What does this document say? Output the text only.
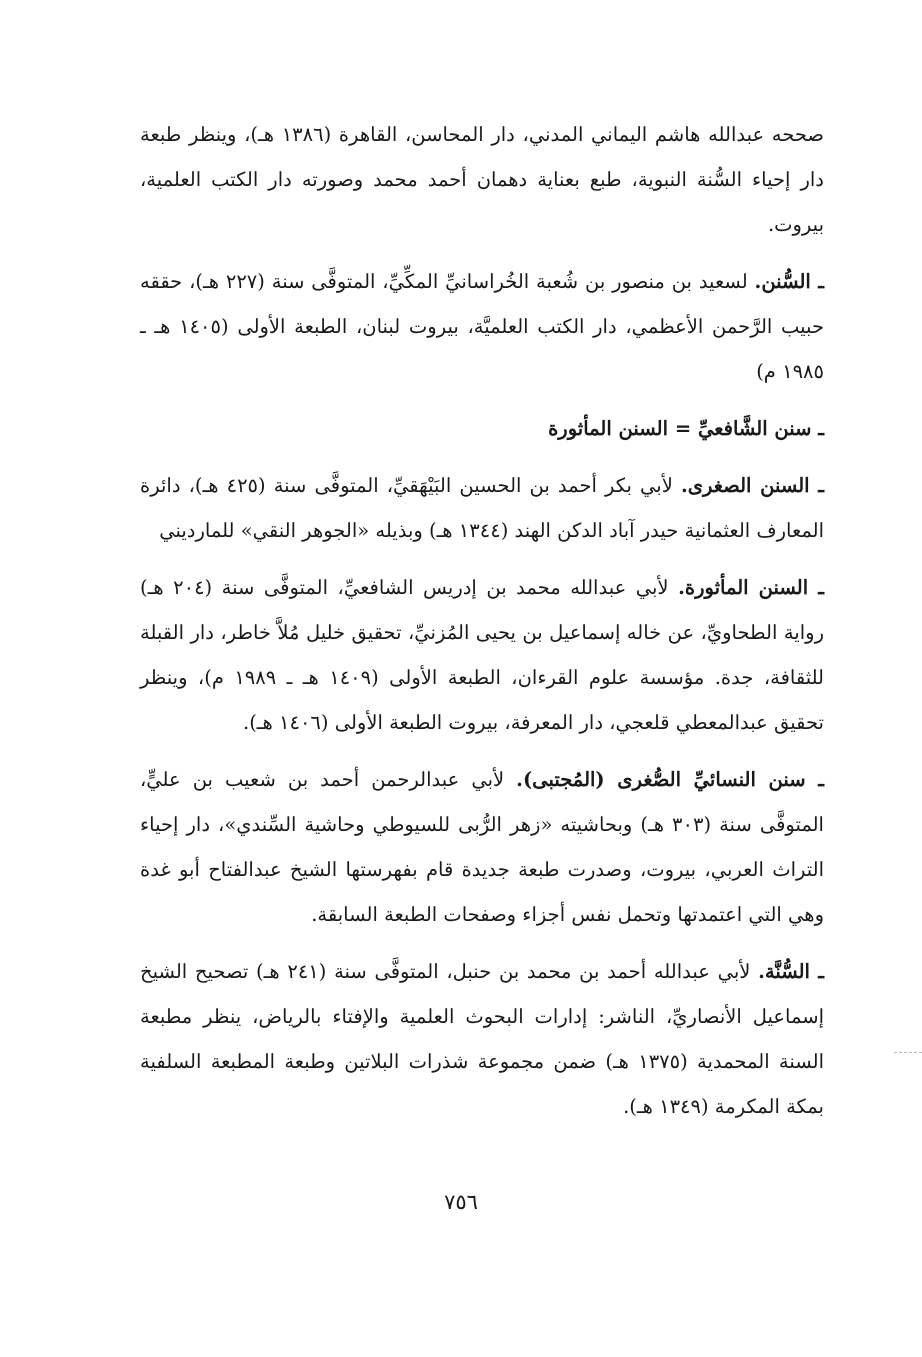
صححه عبدالله هاشم اليماني المدني، دار المحاسن، القاهرة (١٣٨٦ هـ)، وينظر طبعة دار إحياء السُّنة النبوية، طبع بعناية دهمان أحمد محمد وصورته دار الكتب العلمية، بيروت.

ـ السُّنن. لسعيد بن منصور بن شُعبة الخُراسانيِّ المكِّيِّ، المتوفَّى سنة (٢٢٧ هـ)، حققه حبيب الرَّحمن الأعظمي، دار الكتب العلميَّة، بيروت لبنان، الطبعة الأولى (١٤٠٥ هـ ـ ١٩٨٥ م)

ـ سنن الشَّافعيِّ = السنن المأثورة

ـ السنن الصغرى. لأبي بكر أحمد بن الحسين البَيْهَقيِّ، المتوفَّى سنة (٤٢٥ هـ)، دائرة المعارف العثمانية حيدر آباد الدكن الهند (١٣٤٤ هـ) وبذيله «الجوهر النقي» للمارديني

ـ السنن المأثورة. لأبي عبدالله محمد بن إدريس الشافعيِّ، المتوفَّى سنة (٢٠٤ هـ) رواية الطحاويِّ، عن خاله إسماعيل بن يحيى المُزنيِّ، تحقيق خليل مُلاَّ خاطر، دار القبلة للثقافة، جدة. مؤسسة علوم القرءان، الطبعة الأولى (١٤٠٩ هـ ـ ١٩٨٩ م)، وينظر تحقيق عبدالمعطي قلعجي، دار المعرفة، بيروت الطبعة الأولى (١٤٠٦ هـ).

ـ سنن النسائيِّ الصُّغرى (المُجتبى). لأبي عبدالرحمن أحمد بن شعيب بن عليٍّ، المتوفَّى سنة (٣٠٣ هـ) وبحاشيته «زهر الرُّبى للسيوطي وحاشية السِّندي»، دار إحياء التراث العربي، بيروت، وصدرت طبعة جديدة قام بفهرستها الشيخ عبدالفتاح أبو غدة وهي التي اعتمدتها وتحمل نفس أجزاء وصفحات الطبعة السابقة.

ـ السُّنَّة. لأبي عبدالله أحمد بن محمد بن حنبل، المتوفَّى سنة (٢٤١ هـ) تصحيح الشيخ إسماعيل الأنصاريِّ، الناشر: إدارات البحوث العلمية والإفتاء بالرياض، ينظر مطبعة السنة المحمدية (١٣٧٥ هـ) ضمن مجموعة شذرات البلاتين وطبعة المطبعة السلفية بمكة المكرمة (١٣٤٩ هـ).

٧٥٦
